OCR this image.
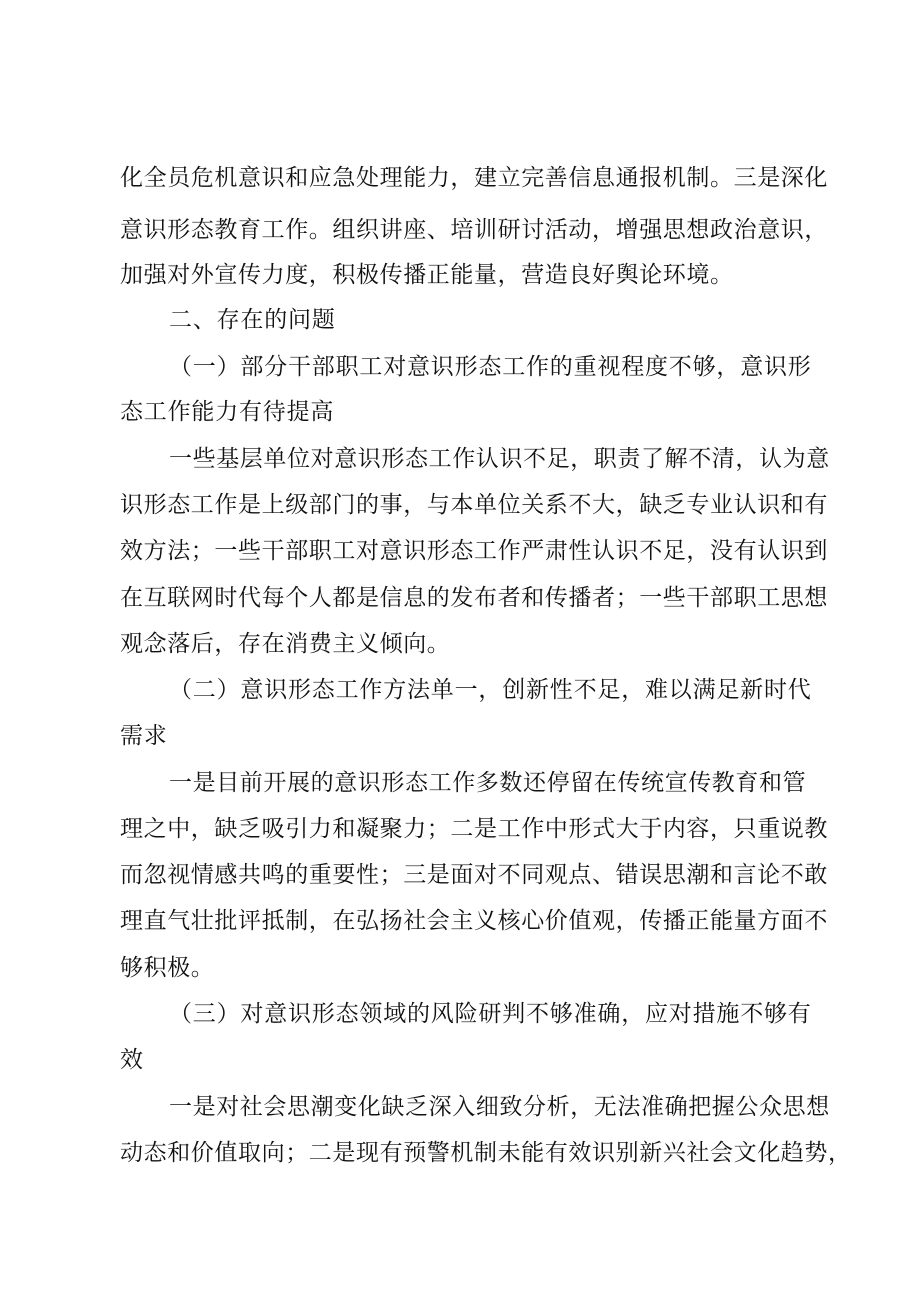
化全员危机意识和应急处理能力，建立完善信息通报机制。三是深化
意识形态教育工作。组织讲座、培训研讨活动，增强思想政治意识，
加强对外宣传力度，积极传播正能量，营造良好舆论环境。
二、存在的问题
（一）部分干部职工对意识形态工作的重视程度不够，意识形
态工作能力有待提高
一些基层单位对意识形态工作认识不足，职责了解不清，认为意
识形态工作是上级部门的事，与本单位关系不大，缺乏专业认识和有
效方法；一些干部职工对意识形态工作严肃性认识不足，没有认识到
在互联网时代每个人都是信息的发布者和传播者；一些干部职工思想
观念落后，存在消费主义倾向。
（二）意识形态工作方法单一，创新性不足，难以满足新时代
需求
一是目前开展的意识形态工作多数还停留在传统宣传教育和管
理之中，缺乏吸引力和凝聚力；二是工作中形式大于内容，只重说教
而忽视情感共鸣的重要性；三是面对不同观点、错误思潮和言论不敢
理直气壮批评抵制，在弘扬社会主义核心价值观，传播正能量方面不
够积极。
（三）对意识形态领域的风险研判不够准确，应对措施不够有
效
一是对社会思潮变化缺乏深入细致分析，无法准确把握公众思想
动态和价值取向；二是现有预警机制未能有效识别新兴社会文化趋势，
